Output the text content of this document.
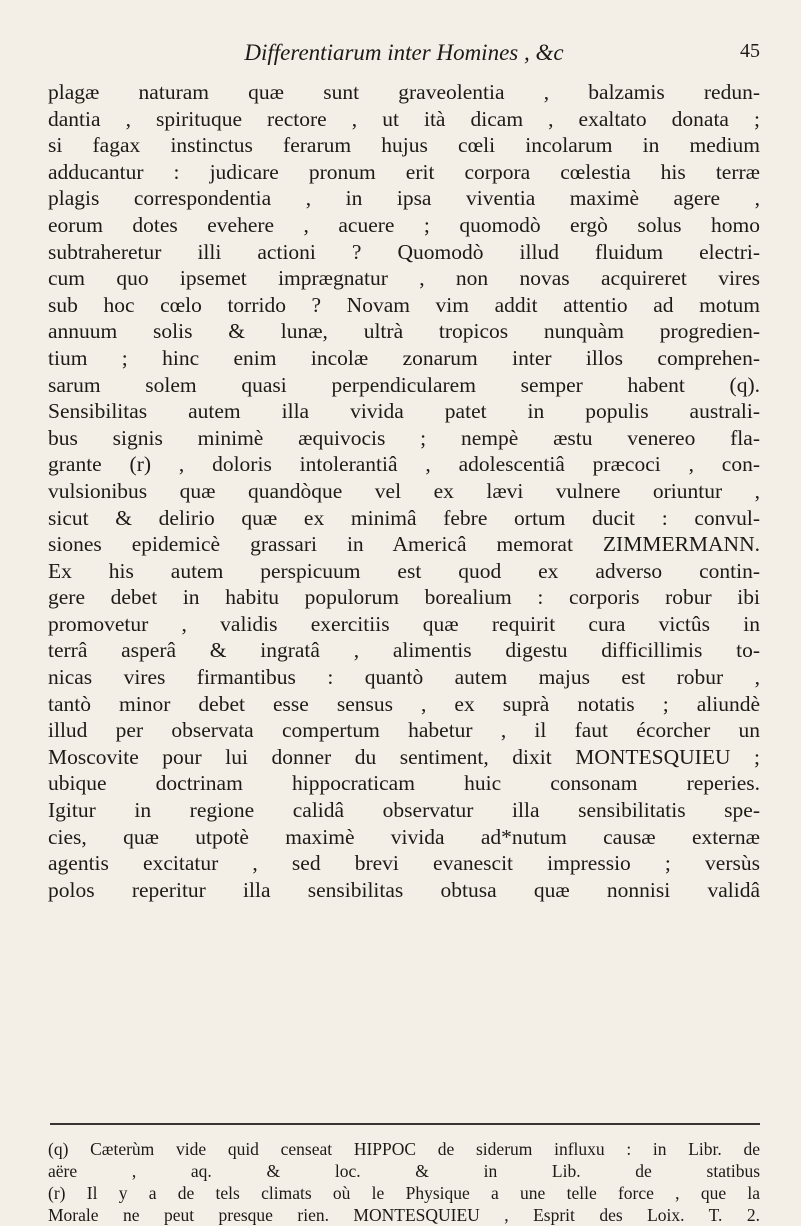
Differentiarum inter Homines , &c	45
plagæ naturam quæ sunt graveolentia , balzamis redun-
dantia , spirituque rectore , ut ità dicam , exaltato donata ;
si fagax instinctus ferarum hujus cœli incolarum in medium
adducantur : judicare pronum erit corpora cœlestia his terræ
plagis correspondentia , in ipsa viventia maximè agere ,
eorum dotes evehere , acuere ; quomodò ergò solus homo
subtraheretur illi actioni ? Quomodò illud fluidum electri-
cum quo ipsemet imprægnatur , non novas acquireret vires
sub hoc cœlo torrido ? Novam vim addit attentio ad motum
annuum solis & lunæ, ultrà tropicos nunquàm progredien-
tium ; hinc enim incolæ zonarum inter illos comprehen-
sarum solem quasi perpendicularem semper habent (q).
Sensibilitas autem illa vivida patet in populis australi-
bus signis minimè æquivocis ; nempè æstu venereo fla-
grante (r) , doloris intolerantiâ , adolescentiâ præcoci , con-
vulsionibus quæ quandòque vel ex lævi vulnere oriuntur ,
sicut & delirio quæ ex minimâ febre ortum ducit : convul-
siones epidemicè grassari in Americâ memorat ZIMMERMANN.
Ex his autem perspicuum est quod ex adverso contin-
gere debet in habitu populorum borealium : corporis robur ibi
promovetur , validis exercitiis quæ requirit cura victûs in
terrâ asperâ & ingratâ , alimentis digestu difficillimis to-
nicas vires firmantibus : quantò autem majus est robur ,
tantò minor debet esse sensus , ex suprà notatis ; aliundè
illud per observata compertum habetur , il faut écorcher un
Moscovite pour lui donner du sentiment, dixit MONTESQUIEU ;
ubique doctrinam hippocraticam huic consonam reperies.
Igitur in regione calidâ observatur illa sensibilitatis spe-
cies, quæ utpotè maximè vivida ad*nutum causæ externæ
agentis excitatur , sed brevi evanescit impressio ; versùs
polos reperitur illa sensibilitas obtusa quæ nonnisi validâ
(q) Cæterùm vide quid censeat HIPPOC de siderum influxu : in Libr. de
aëre , aq. & loc. & in Lib. de statibus
(r) Il y a de tels climats où le Physique a une telle force , que la
Morale ne peut presque rien. MONTESQUIEU , Esprit des Loix. T. 2.
